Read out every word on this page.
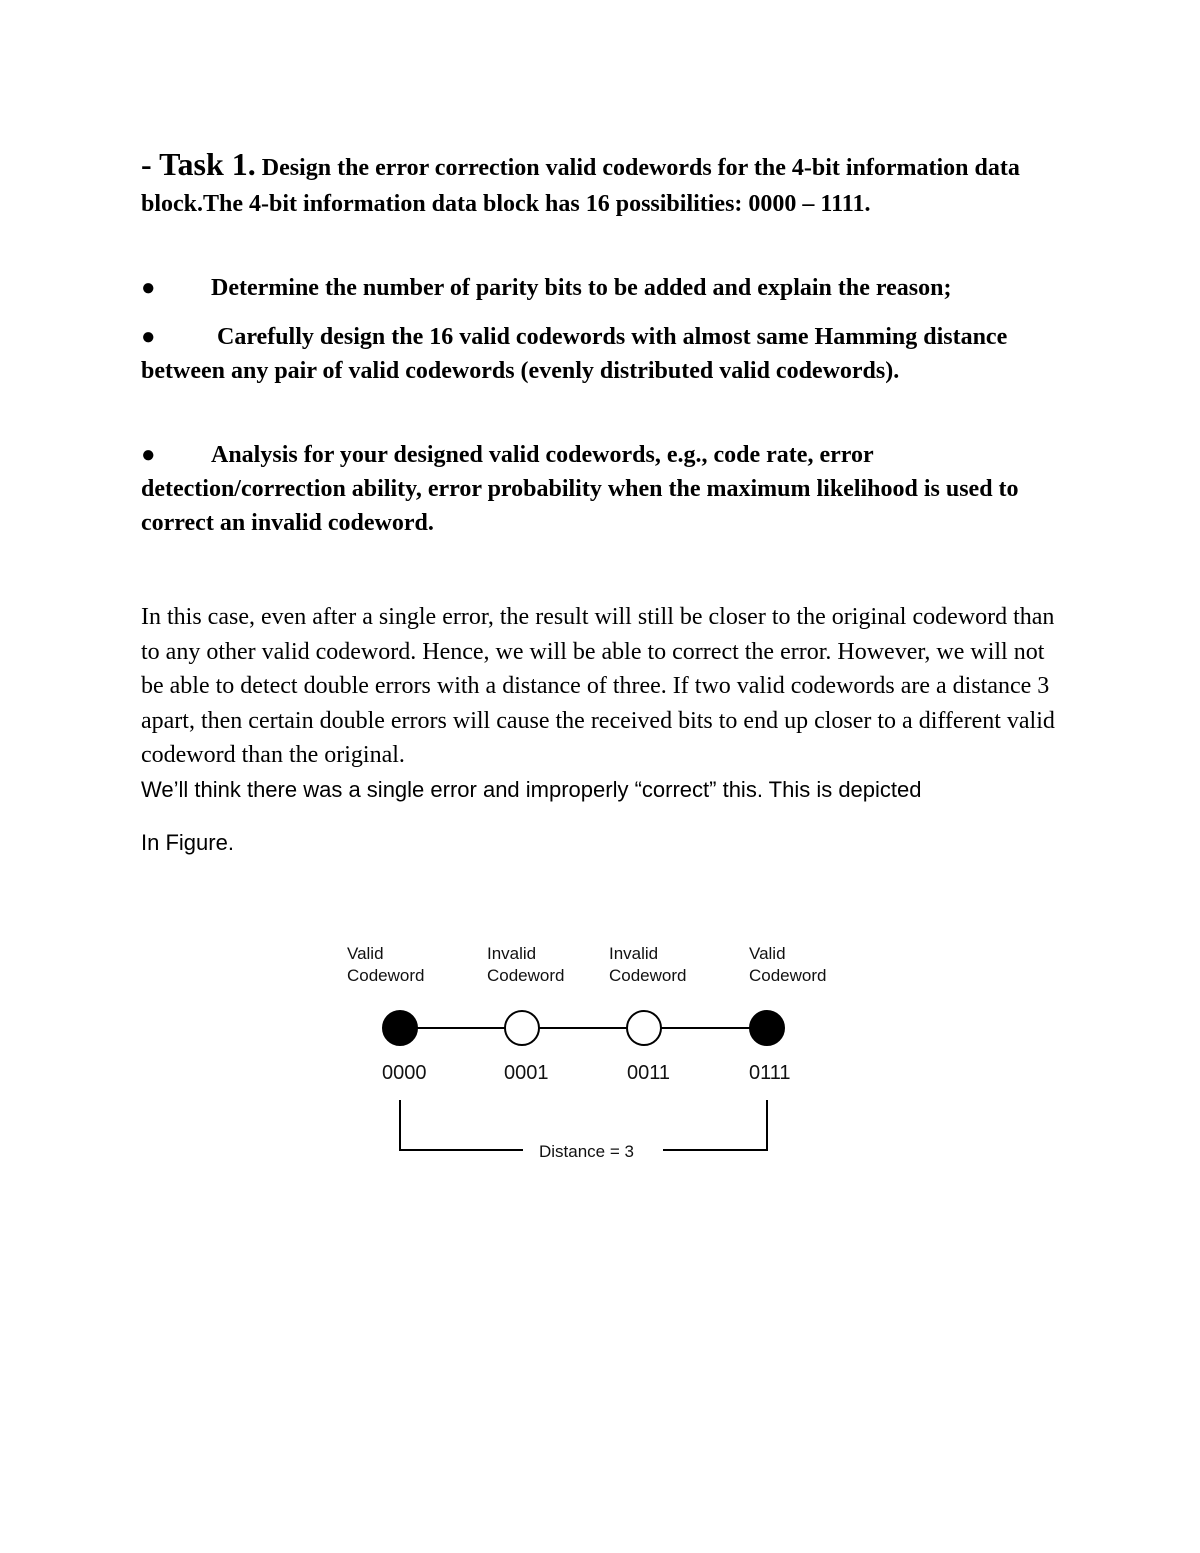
- Task 1. Design the error correction valid codewords for the 4-bit information data block.The 4-bit information data block has 16 possibilities: 0000 – 1111.
● Determine the number of parity bits to be added and explain the reason;
● Carefully design the 16 valid codewords with almost same Hamming distance between any pair of valid codewords (evenly distributed valid codewords).
● Analysis for your designed valid codewords, e.g., code rate, error detection/correction ability, error probability when the maximum likelihood is used to correct an invalid codeword.
In this case, even after a single error, the result will still be closer to the original codeword than to any other valid codeword. Hence, we will be able to correct the error. However, we will not be able to detect double errors with a distance of three. If two valid codewords are a distance 3 apart, then certain double errors will cause the received bits to end up closer to a different valid codeword than the original.
We’ll think there was a single error and improperly “correct” this. This is depicted
In Figure.
Valid
Codeword
0000
Invalid
Codeword
0001
Invalid
Codeword
0011
Valid
Codeword
0111
Distance = 3
